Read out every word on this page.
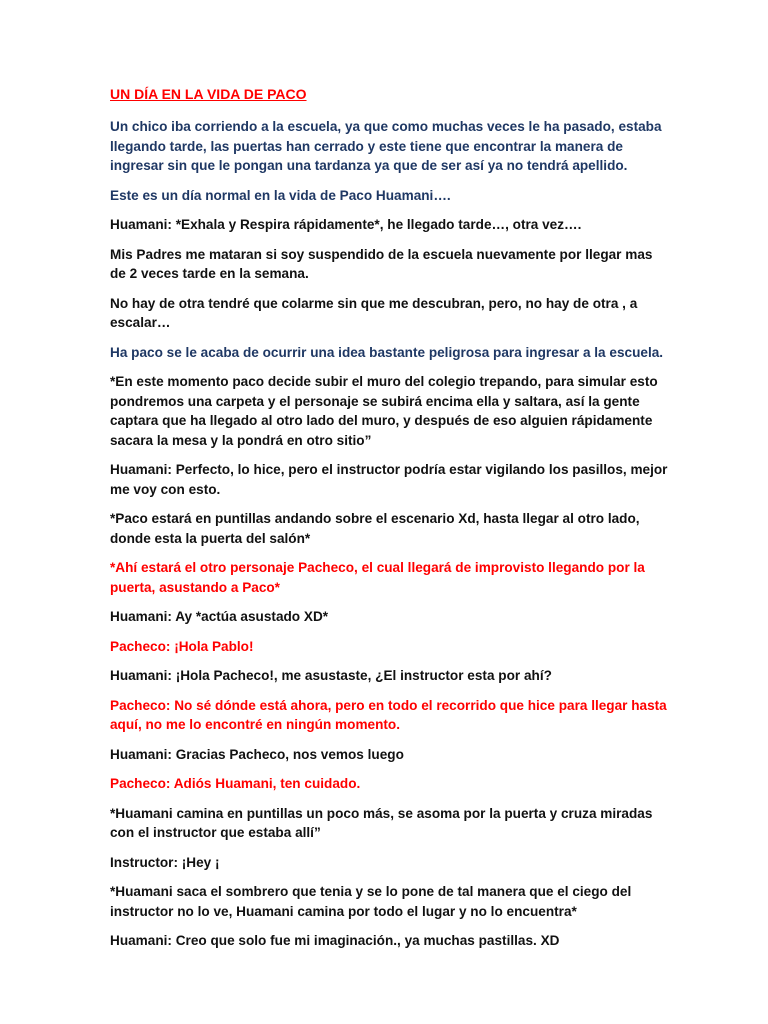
UN DÍA EN LA VIDA DE PACO

Un chico iba corriendo a la escuela, ya que como muchas veces le ha pasado, estaba llegando tarde, las puertas han cerrado y este tiene que encontrar la manera de ingresar sin que le pongan una tardanza ya que de ser así ya no tendrá apellido.

Este es un día normal en la vida de Paco Huamani….

Huamani: *Exhala y Respira rápidamente*, he llegado tarde…, otra vez….

Mis Padres me mataran si soy suspendido de la escuela nuevamente por llegar mas de 2 veces tarde en la semana.

No hay de otra tendré que colarme sin que me descubran, pero, no hay de otra , a escalar…

Ha paco se le acaba de ocurrir una idea bastante peligrosa para ingresar a la escuela.

*En este momento paco decide subir el muro del colegio trepando, para simular esto pondremos una carpeta y el personaje se subirá encima ella y saltara, así la gente captara que ha llegado al otro lado del muro, y después de eso alguien rápidamente sacara la mesa y la pondrá en otro sitio”

Huamani: Perfecto, lo hice, pero el instructor podría estar vigilando los pasillos, mejor me voy con esto.

*Paco estará en puntillas andando sobre el escenario Xd, hasta llegar al otro lado, donde esta la puerta del salón*

*Ahí estará el otro personaje Pacheco, el cual llegará de improvisto llegando por la puerta, asustando a Paco*

Huamani: Ay *actúa asustado XD*

Pacheco: ¡Hola Pablo!

Huamani: ¡Hola Pacheco!, me asustaste, ¿El instructor esta por ahí?

Pacheco: No sé dónde está ahora, pero en todo el recorrido que hice para llegar hasta aquí, no me lo encontré en ningún momento.

Huamani: Gracias Pacheco, nos vemos luego

Pacheco: Adiós Huamani, ten cuidado.

*Huamani camina en puntillas un poco más, se asoma por la puerta y cruza miradas con el instructor que estaba allí”

Instructor: ¡Hey ¡

*Huamani saca el sombrero que tenia y se lo pone de tal manera que el ciego del instructor no lo ve, Huamani camina por todo el lugar y no lo encuentra*

Huamani: Creo que solo fue mi imaginación., ya muchas pastillas. XD
